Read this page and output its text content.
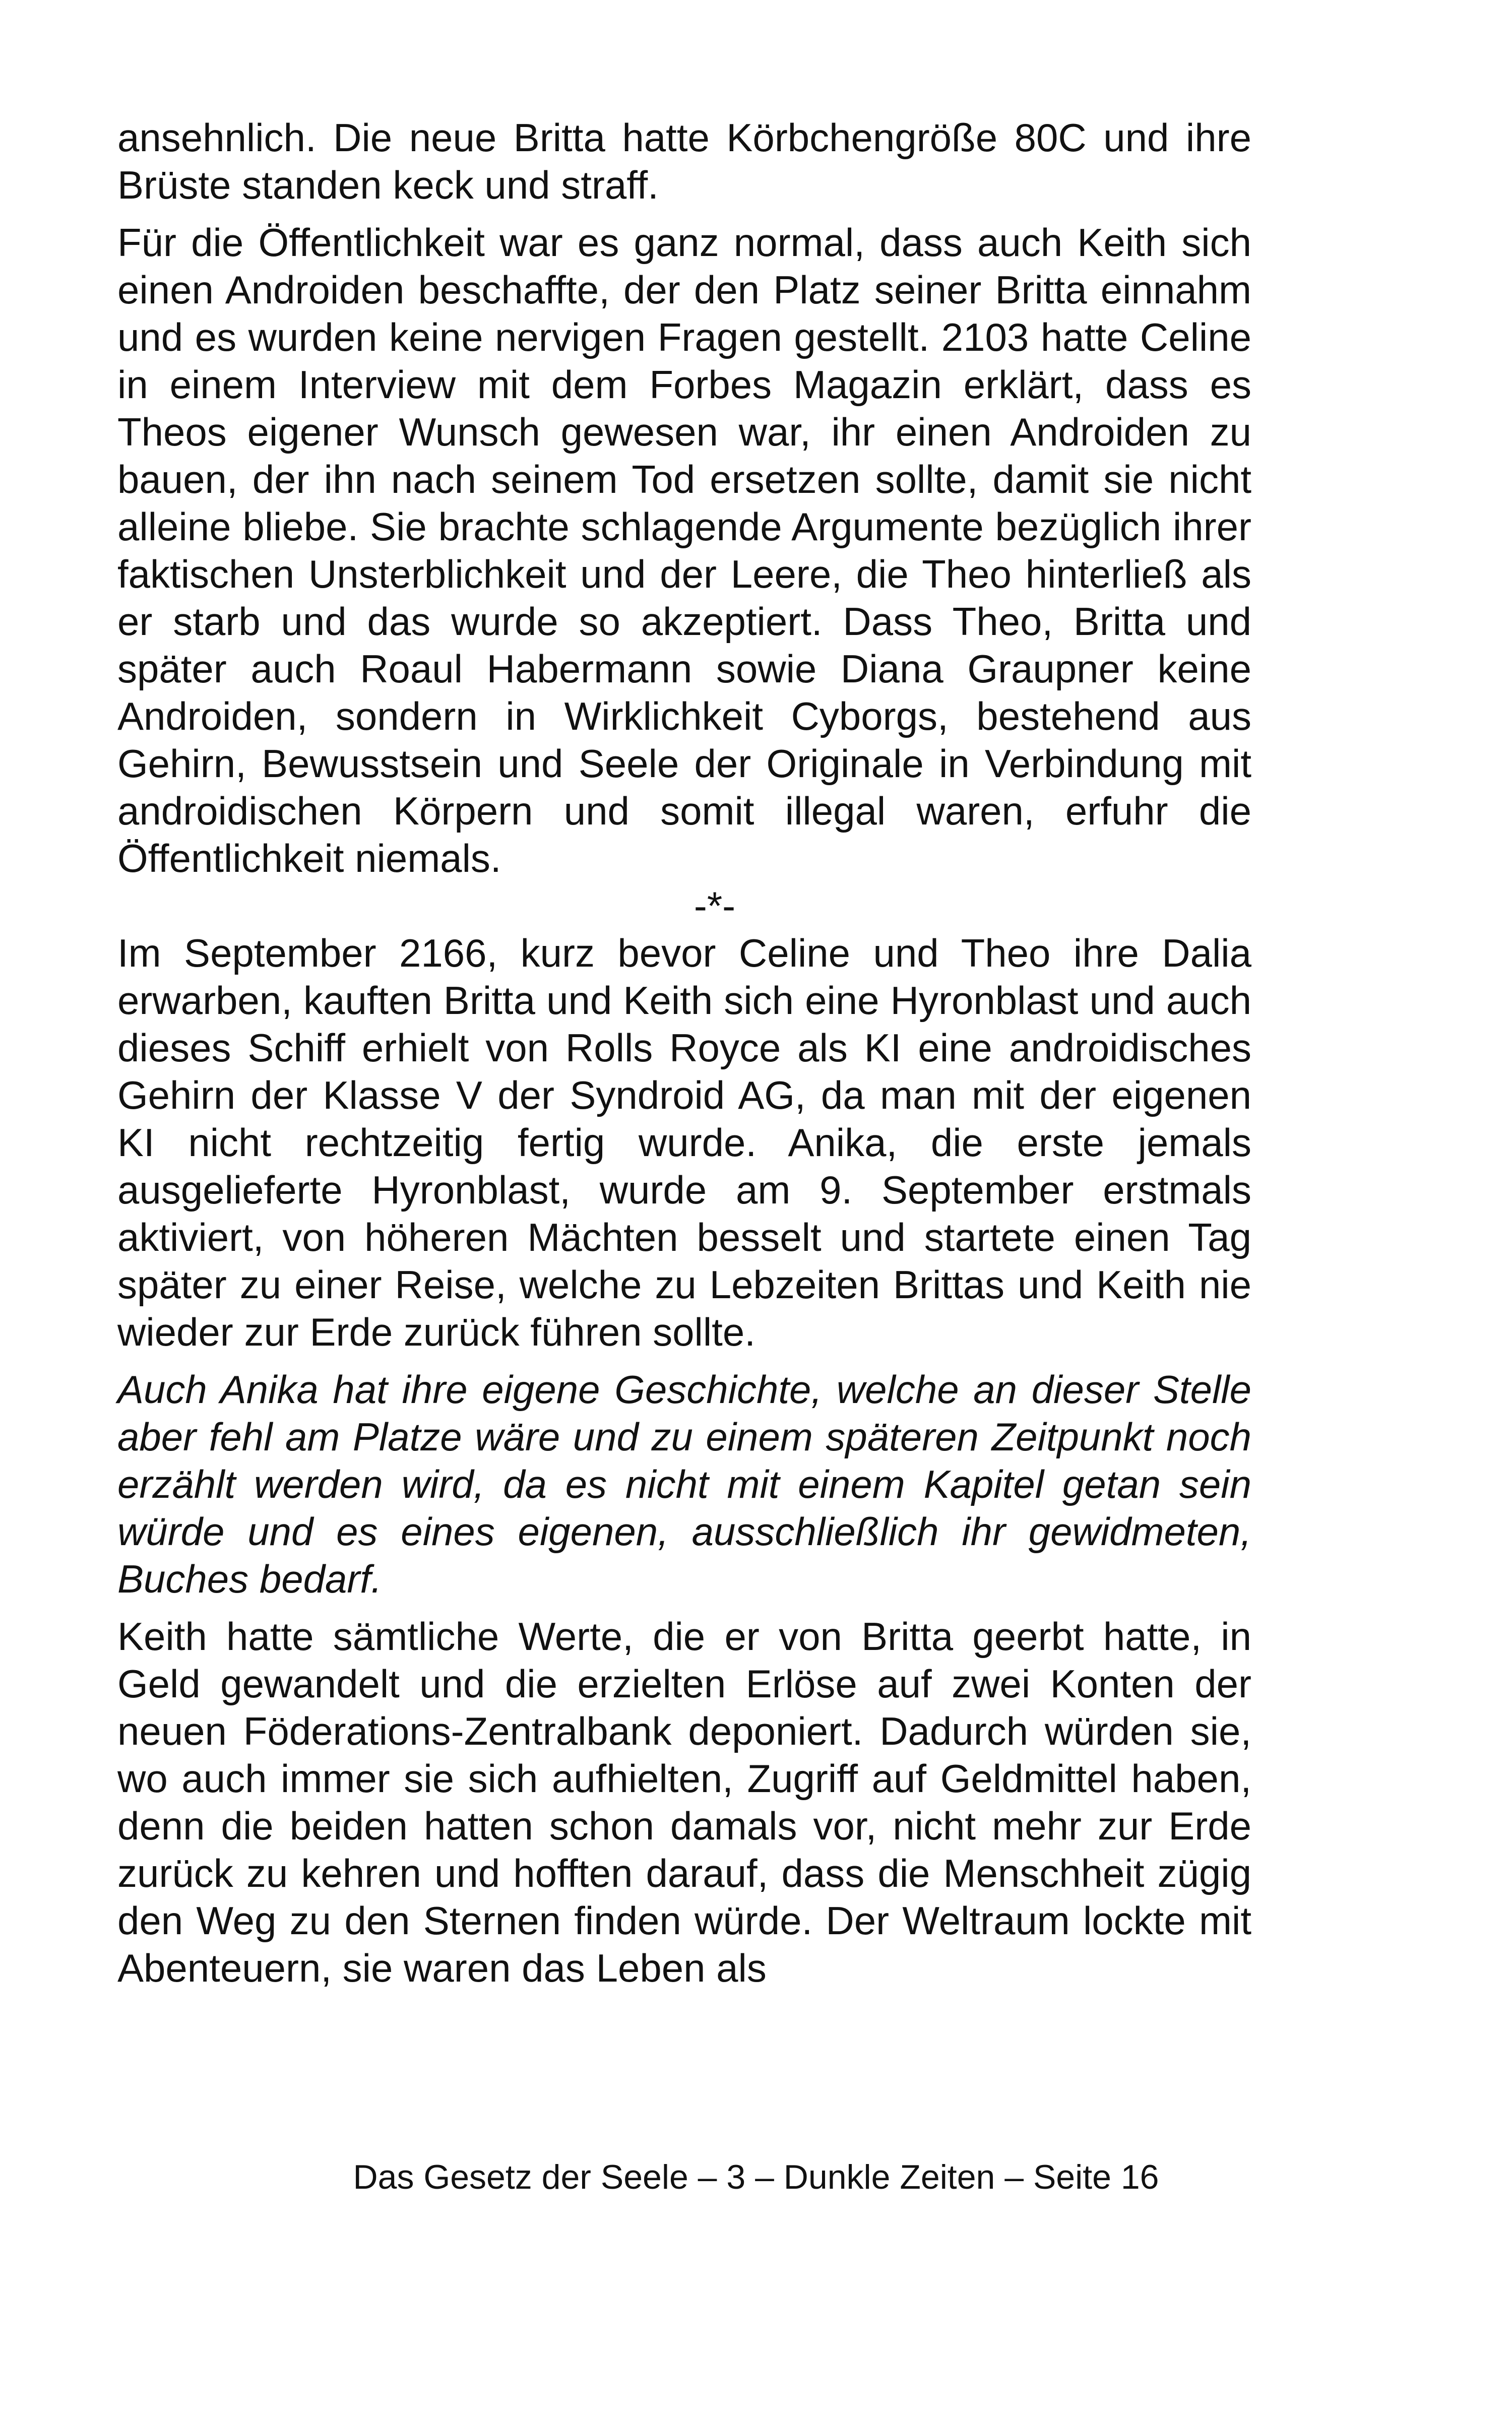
ansehnlich. Die neue Britta hatte Körbchengröße 80C und ihre Brüste standen keck und straff.

Für die Öffentlichkeit war es ganz normal, dass auch Keith sich einen Androiden beschaffte, der den Platz seiner Britta einnahm und es wurden keine nervigen Fragen gestellt. 2103 hatte Celine in einem Interview mit dem Forbes Magazin erklärt, dass es Theos eigener Wunsch gewesen war, ihr einen Androiden zu bauen, der ihn nach seinem Tod ersetzen sollte, damit sie nicht alleine bliebe. Sie brachte schlagende Argumente bezüglich ihrer faktischen Unsterblichkeit und der Leere, die Theo hinterließ als er starb und das wurde so akzeptiert. Dass Theo, Britta und später auch Roaul Habermann sowie Diana Graupner keine Androiden, sondern in Wirklichkeit Cyborgs, bestehend aus Gehirn, Bewusstsein und Seele der Originale in Verbindung mit androidischen Körpern und somit illegal waren, erfuhr die Öffentlichkeit niemals.

-*-

Im September 2166, kurz bevor Celine und Theo ihre Dalia erwarben, kauften Britta und Keith sich eine Hyronblast und auch dieses Schiff erhielt von Rolls Royce als KI eine androidisches Gehirn der Klasse V der Syndroid AG, da man mit der eigenen KI nicht rechtzeitig fertig wurde. Anika, die erste jemals ausgelieferte Hyronblast, wurde am 9. September erstmals aktiviert, von höheren Mächten besselt und startete einen Tag später zu einer Reise, welche zu Lebzeiten Brittas und Keith nie wieder zur Erde zurück führen sollte.

Auch Anika hat ihre eigene Geschichte, welche an dieser Stelle aber fehl am Platze wäre und zu einem späteren Zeitpunkt noch erzählt werden wird, da es nicht mit einem Kapitel getan sein würde und es eines eigenen, ausschließlich ihr gewidmeten, Buches bedarf.

Keith hatte sämtliche Werte, die er von Britta geerbt hatte, in Geld gewandelt und die erzielten Erlöse auf zwei Konten der neuen Föderations-Zentralbank deponiert. Dadurch würden sie, wo auch immer sie sich aufhielten, Zugriff auf Geldmittel haben, denn die beiden hatten schon damals vor, nicht mehr zur Erde zurück zu kehren und hofften darauf, dass die Menschheit zügig den Weg zu den Sternen finden würde. Der Weltraum lockte mit Abenteuern, sie waren das Leben als

Das Gesetz der Seele – 3 – Dunkle Zeiten – Seite 16
